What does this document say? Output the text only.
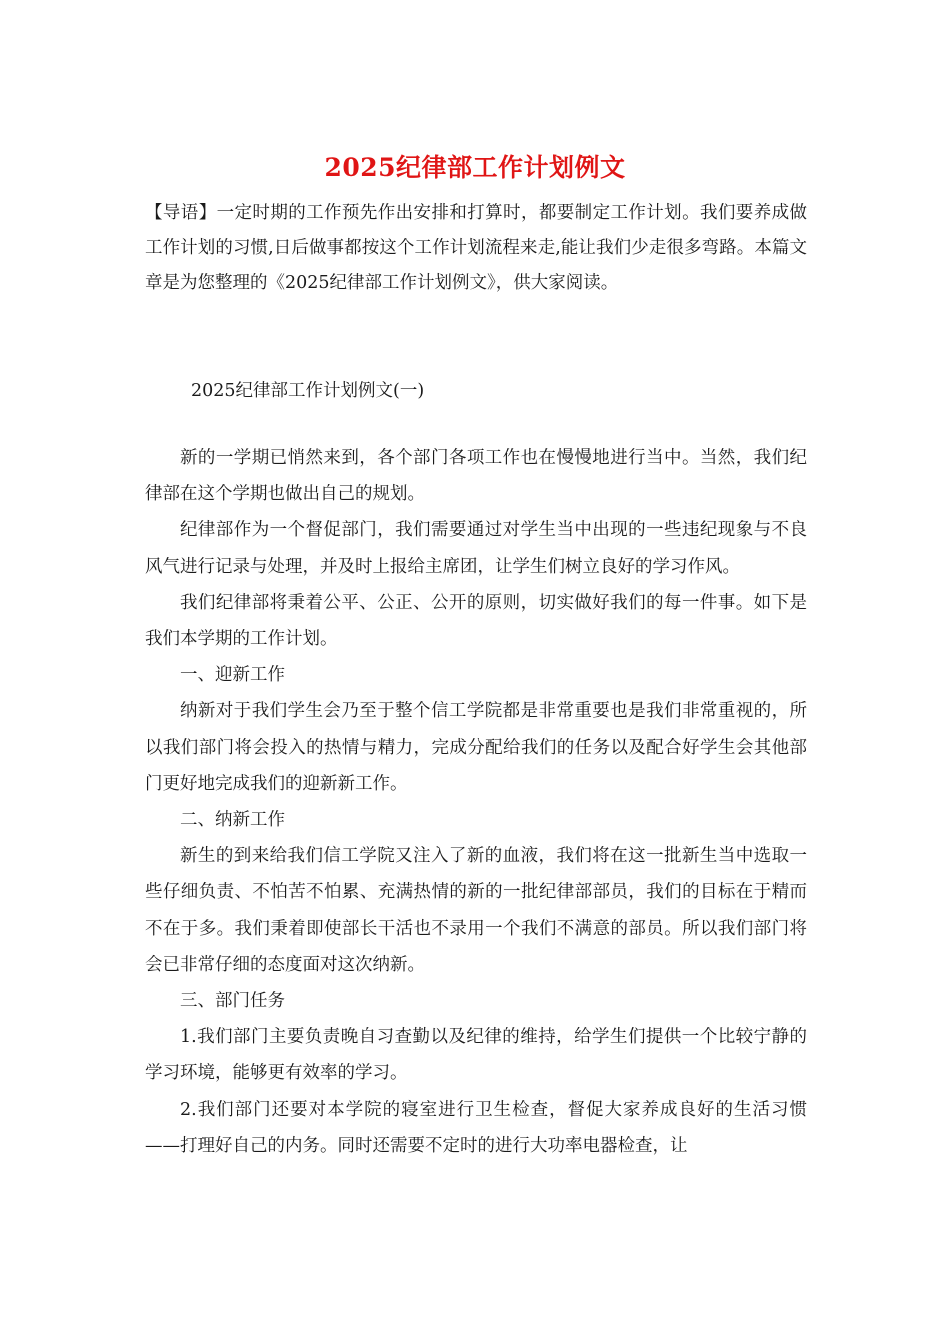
2025纪律部工作计划例文
【导语】一定时期的工作预先作出安排和打算时，都要制定工作计划。我们要养成做工作计划的习惯,日后做事都按这个工作计划流程来走,能让我们少走很多弯路。本篇文章是为您整理的《2025纪律部工作计划例文》，供大家阅读。
2025纪律部工作计划例文(一)

新的一学期已悄然来到，各个部门各项工作也在慢慢地进行当中。当然，我们纪律部在这个学期也做出自己的规划。

纪律部作为一个督促部门，我们需要通过对学生当中出现的一些违纪现象与不良风气进行记录与处理，并及时上报给主席团，让学生们树立良好的学习作风。

我们纪律部将秉着公平、公正、公开的原则，切实做好我们的每一件事。如下是我们本学期的工作计划。

一、迎新工作

纳新对于我们学生会乃至于整个信工学院都是非常重要也是我们非常重视的，所以我们部门将会投入的热情与精力，完成分配给我们的任务以及配合好学生会其他部门更好地完成我们的迎新新工作。

二、纳新工作

新生的到来给我们信工学院又注入了新的血液，我们将在这一批新生当中选取一些仔细负责、不怕苦不怕累、充满热情的新的一批纪律部部员，我们的目标在于精而不在于多。我们秉着即使部长干活也不录用一个我们不满意的部员。所以我们部门将会已非常仔细的态度面对这次纳新。

三、部门任务

1.我们部门主要负责晚自习查勤以及纪律的维持，给学生们提供一个比较宁静的学习环境，能够更有效率的学习。

2.我们部门还要对本学院的寝室进行卫生检查，督促大家养成良好的生活习惯——打理好自己的内务。同时还需要不定时的进行大功率电器检查，让
